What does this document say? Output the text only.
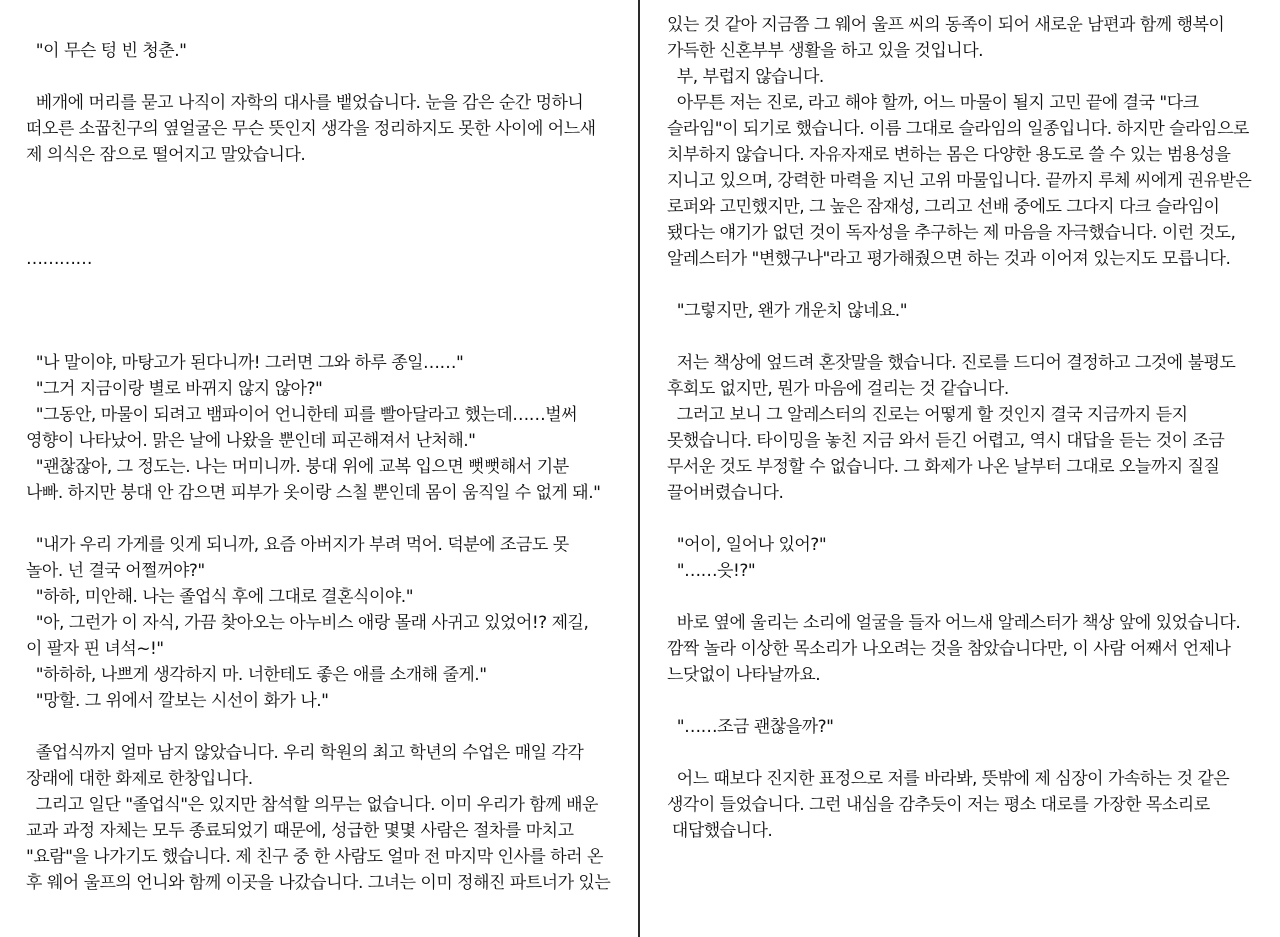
"이 무슨 텅 빈 청춘."
베개에 머리를 묻고 나직이 자학의 대사를 뱉었습니다. 눈을 감은 순간 멍하니
떠오른 소꿉친구의 옆얼굴은 무슨 뜻인지 생각을 정리하지도 못한 사이에 어느새
제 의식은 잠으로 떨어지고 말았습니다.
…………
"나 말이야, 마탕고가 된다니까! 그러면 그와 하루 종일……"
"그거 지금이랑 별로 바뀌지 않지 않아?"
"그동안, 마물이 되려고 뱀파이어 언니한테 피를 빨아달라고 했는데……벌써
영향이 나타났어. 맑은 날에 나왔을 뿐인데 피곤해져서 난처해."
"괜찮잖아, 그 정도는. 나는 머미니까. 붕대 위에 교복 입으면 뻣뻣해서 기분
나빠. 하지만 붕대 안 감으면 피부가 옷이랑 스칠 뿐인데 몸이 움직일 수 없게 돼."
"내가 우리 가게를 잇게 되니까, 요즘 아버지가 부려 먹어. 덕분에 조금도 못
놀아. 넌 결국 어쩔꺼야?"
"하하, 미안해. 나는 졸업식 후에 그대로 결혼식이야."
"아, 그런가 이 자식, 가끔 찾아오는 아누비스 애랑 몰래 사귀고 있었어!? 제길,
이 팔자 핀 녀석~!"
"하하하, 나쁘게 생각하지 마. 너한테도 좋은 애를 소개해 줄게."
"망할. 그 위에서 깔보는 시선이 화가 나."
졸업식까지 얼마 남지 않았습니다. 우리 학원의 최고 학년의 수업은 매일 각각
장래에 대한 화제로 한창입니다.
그리고 일단 "졸업식"은 있지만 참석할 의무는 없습니다. 이미 우리가 함께 배운
교과 과정 자체는 모두 종료되었기 때문에, 성급한 몇몇 사람은 절차를 마치고
"요람"을 나가기도 했습니다. 제 친구 중 한 사람도 얼마 전 마지막 인사를 하러 온
후 웨어 울프의 언니와 함께 이곳을 나갔습니다. 그녀는 이미 정해진 파트너가 있는
있는 것 같아 지금쯤 그 웨어 울프 씨의 동족이 되어 새로운 남편과 함께 행복이
가득한 신혼부부 생활을 하고 있을 것입니다.
부, 부럽지 않습니다.
아무튼 저는 진로, 라고 해야 할까, 어느 마물이 될지 고민 끝에 결국 "다크
슬라임"이 되기로 했습니다. 이름 그대로 슬라임의 일종입니다. 하지만 슬라임으로
치부하지 않습니다. 자유자재로 변하는 몸은 다양한 용도로 쓸 수 있는 범용성을
지니고 있으며, 강력한 마력을 지닌 고위 마물입니다. 끝까지 루체 씨에게 권유받은
로퍼와 고민했지만, 그 높은 잠재성, 그리고 선배 중에도 그다지 다크 슬라임이
됐다는 얘기가 없던 것이 독자성을 추구하는 제 마음을 자극했습니다. 이런 것도,
알레스터가 "변했구나"라고 평가해줬으면 하는 것과 이어져 있는지도 모릅니다.
"그렇지만, 왠가 개운치 않네요."
저는 책상에 엎드려 혼잣말을 했습니다. 진로를 드디어 결정하고 그것에 불평도
후회도 없지만, 뭔가 마음에 걸리는 것 같습니다.
그러고 보니 그 알레스터의 진로는 어떻게 할 것인지 결국 지금까지 듣지
못했습니다. 타이밍을 놓친 지금 와서 듣긴 어렵고, 역시 대답을 듣는 것이 조금
무서운 것도 부정할 수 없습니다. 그 화제가 나온 날부터 그대로 오늘까지 질질
끌어버렸습니다.
"어이, 일어나 있어?"
"……읏!?"
바로 옆에 울리는 소리에 얼굴을 들자 어느새 알레스터가 책상 앞에 있었습니다.
깜짝 놀라 이상한 목소리가 나오려는 것을 참았습니다만, 이 사람 어째서 언제나
느닷없이 나타날까요.
"……조금 괜찮을까?"
어느 때보다 진지한 표정으로 저를 바라봐, 뜻밖에 제 심장이 가속하는 것 같은
생각이 들었습니다. 그런 내심을 감추듯이 저는 평소 대로를 가장한 목소리로
대답했습니다.
